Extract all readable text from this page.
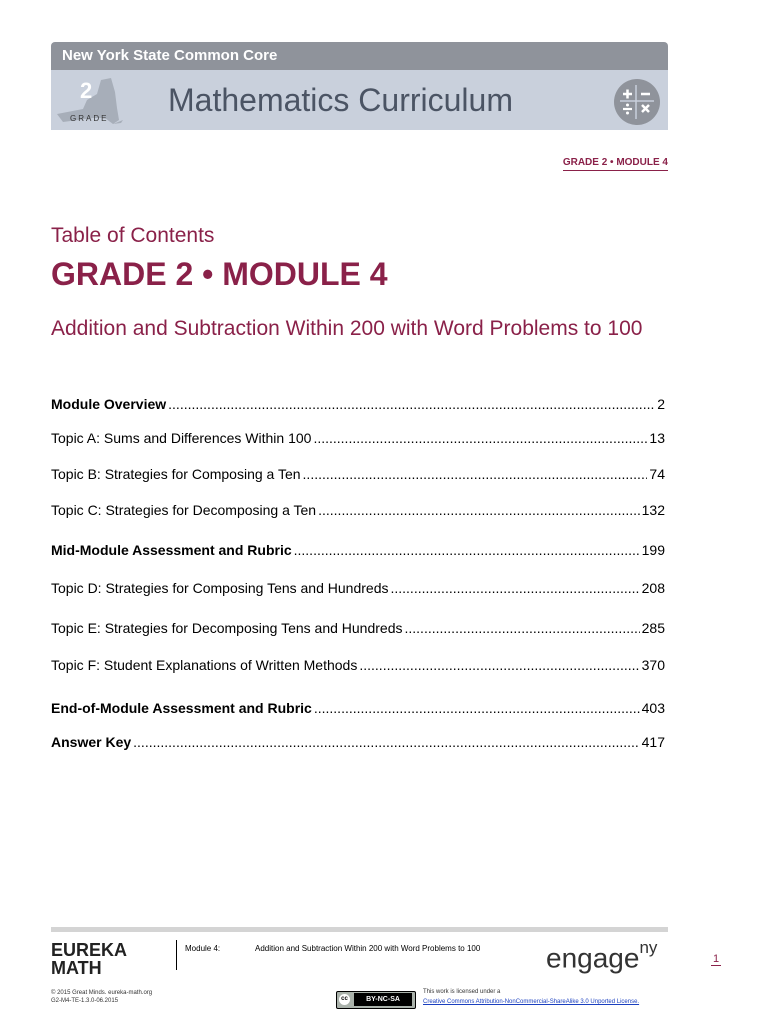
New York State Common Core
2
GRADE
Mathematics Curriculum
GRADE 2 • MODULE 4
Table of Contents
GRADE 2 • MODULE 4
Addition and Subtraction Within 200 with Word Problems to 100
Module Overview .....	2
Topic A: Sums and Differences Within 100 .....	13
Topic B: Strategies for Composing a Ten .....	74
Topic C: Strategies for Decomposing a Ten .....	132
Mid-Module Assessment and Rubric .....	199
Topic D: Strategies for Composing Tens and Hundreds .....	208
Topic E: Strategies for Decomposing Tens and Hundreds .....	285
Topic F: Student Explanations of Written Methods .....	370
End-of-Module Assessment and Rubric .....	403
Answer Key .....	417
EUREKA
MATH
Module 4:	Addition and Subtraction Within 200 with Word Problems to 100 engage$^{ny}$
1
© 2015 Great Minds. eureka-math.org
G2-M4-TE-1.3.0-06.2015	cc	BY-NC-SA
This work is licensed under a
Creative Commons Attribution-NonCommercial-ShareAlike 3.0 Unported License.
